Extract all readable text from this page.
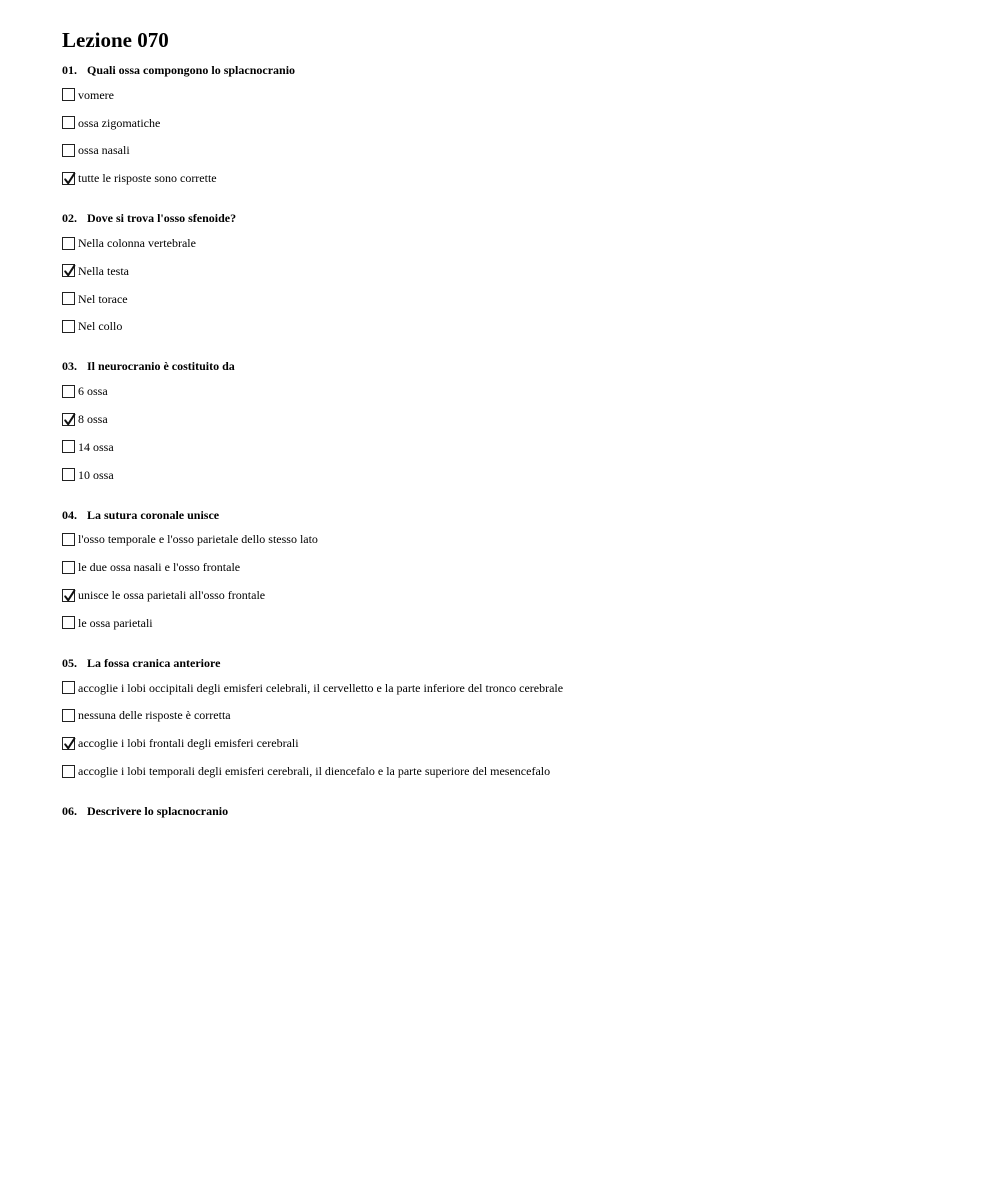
Lezione 070
01. Quali ossa compongono lo splacnocranio
vomere
ossa zigomatiche
ossa nasali
tutte le risposte sono corrette
02. Dove si trova l'osso sfenoide?
Nella colonna vertebrale
Nella testa
Nel torace
Nel collo
03. Il neurocranio è costituito da
6 ossa
8 ossa
14 ossa
10 ossa
04. La sutura coronale unisce
l'osso temporale e l'osso parietale dello stesso lato
le due ossa nasali e l'osso frontale
unisce le ossa parietali all'osso frontale
le ossa parietali
05. La fossa cranica anteriore
accoglie i lobi occipitali degli emisferi celebrali, il cervelletto e la parte inferiore del tronco cerebrale
nessuna delle risposte è corretta
accoglie i lobi frontali degli emisferi cerebrali
accoglie i lobi temporali degli emisferi cerebrali, il diencefalo e la parte superiore del mesencefalo
06. Descrivere lo splacnocranio
